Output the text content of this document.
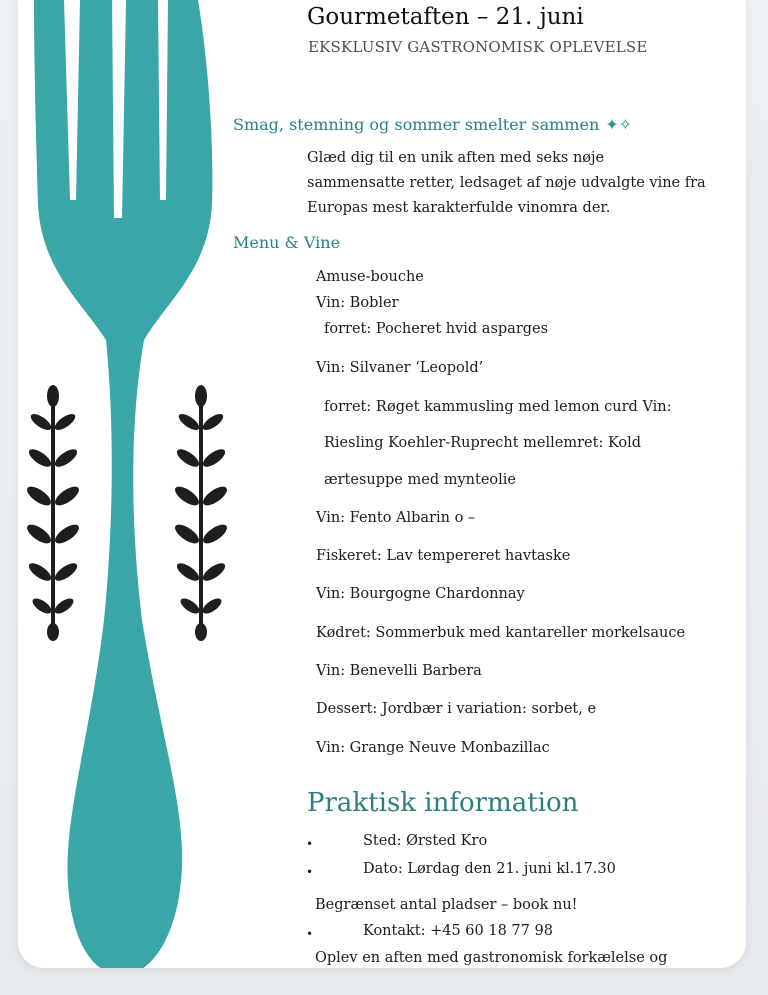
Gourmetaften – 21. juni
EKSKLUSIV GASTRONOMISK OPLEVELSE
Smag, stemning og sommer smelter sammen ✦✧
Glæd dig til en unik aften med seks nøje
sammensatte retter, ledsaget af nøje udvalgte vine fra
Europas mest karakterfulde vinomra der.
Menu & Vine
Amuse-bouche
Vin: Bobler
forret: Pocheret hvid asparges
Vin: Silvaner ‘Leopold’
forret: Røget kammusling med lemon curd Vin:
Riesling Koehler-Ruprecht mellemret: Kold
ærtesuppe med mynteolie
Vin: Fento Albarin o –
Fiskeret: Lav tempereret havtaske
Vin: Bourgogne Chardonnay
Kødret: Sommerbuk med kantareller morkelsauce
Vin: Benevelli Barbera
Dessert: Jordbær i variation: sorbet, e
Vin: Grange Neuve Monbazillac
Praktisk information
•	Sted: Ørsted Kro
•	Dato: Lørdag den 21. juni kl.17.30
Begrænset antal pladser – book nu!
•	Kontakt: +45 60 18 77 98
Oplev en aften med gastronomisk forkælelse og
